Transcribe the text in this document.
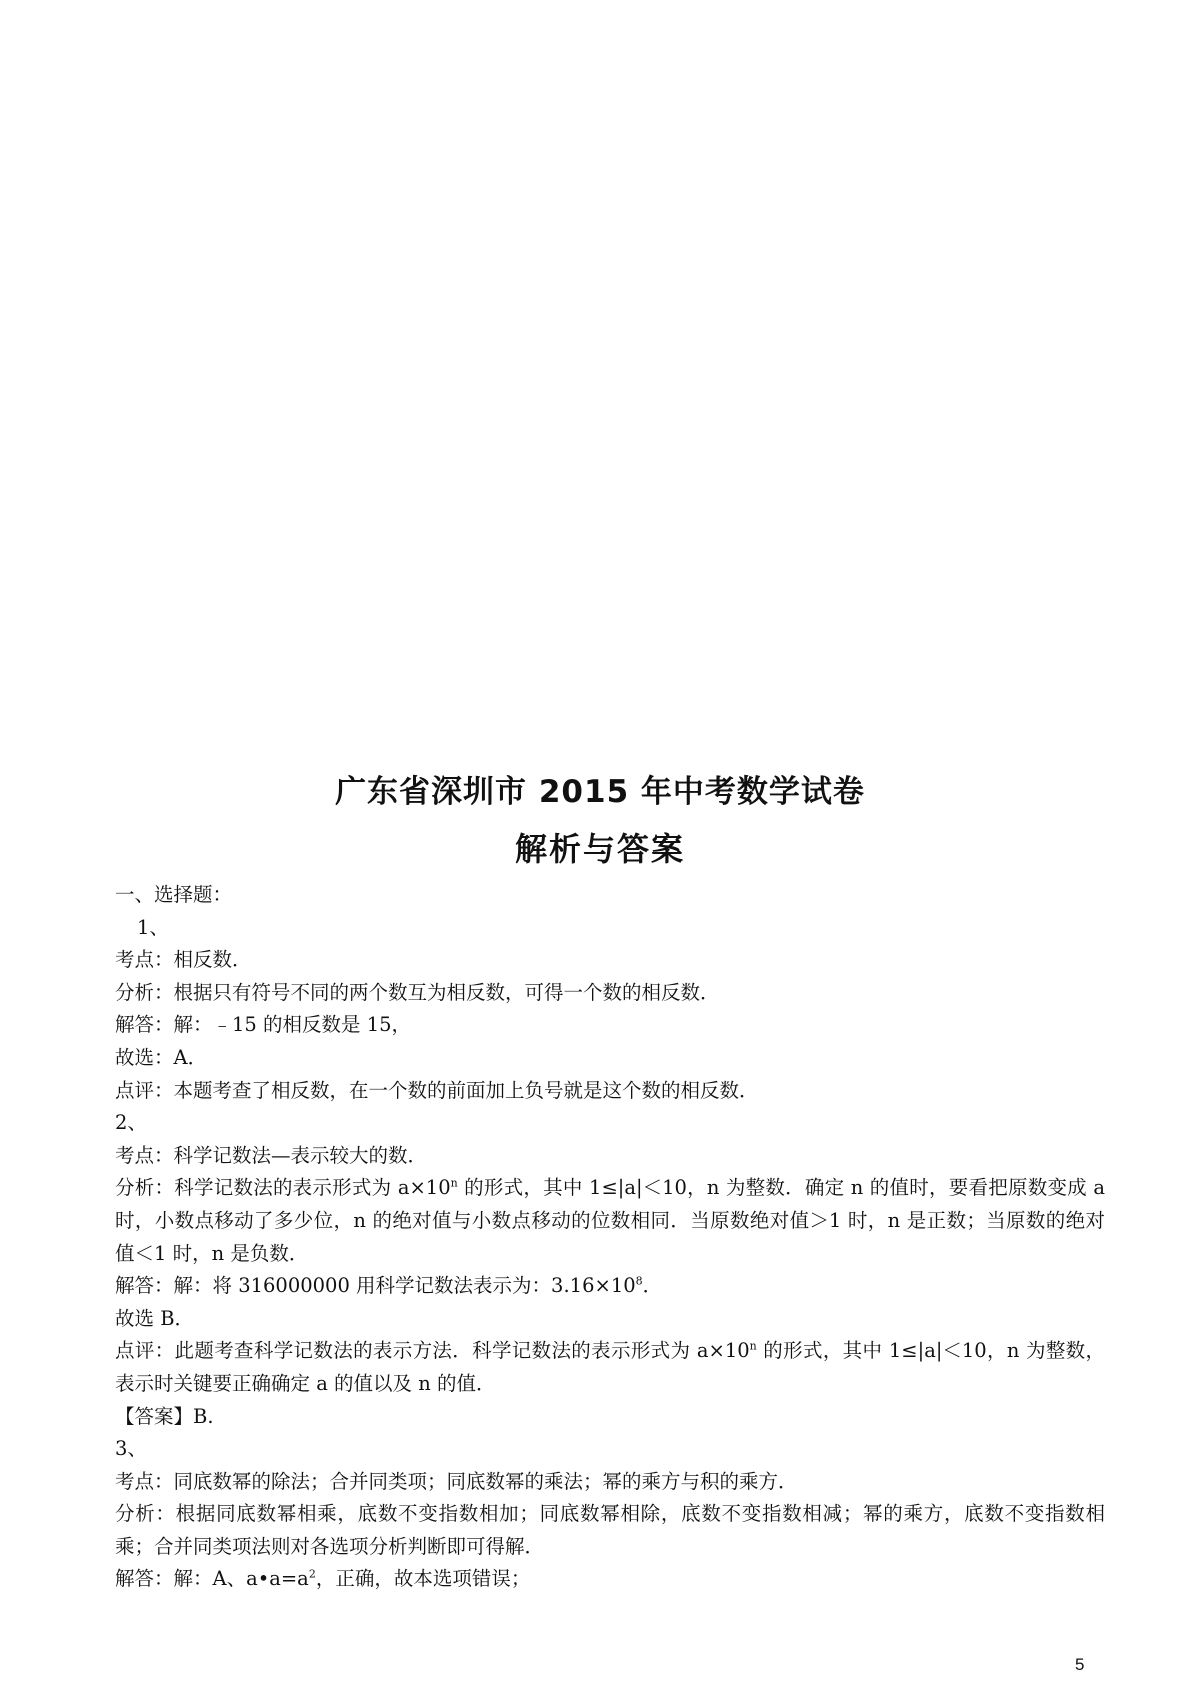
广东省深圳市 2015 年中考数学试卷
解析与答案
一、选择题：
1、
考点：相反数．
分析：根据只有符号不同的两个数互为相反数，可得一个数的相反数．
解答：解：﹣15 的相反数是 15，
故选：A．
点评：本题考查了相反数，在一个数的前面加上负号就是这个数的相反数．
2、
考点：科学记数法—表示较大的数．
分析：科学记数法的表示形式为 $a\times 10^n$ 的形式，其中 1≤|a|＜10，n 为整数．确定 n 的值时，要看把原数变成 a 时，小数点移动了多少位，n 的绝对值与小数点移动的位数相同．当原数绝对值＞1 时，n 是正数；当原数的绝对值＜1 时，n 是负数．
解答：解：将 316000000 用科学记数法表示为：$3.16\times 10^8$．
故选 B．
点评：此题考查科学记数法的表示方法．科学记数法的表示形式为 $a\times 10^n$ 的形式，其中 1≤|a|＜10，n 为整数，表示时关键要正确确定 a 的值以及 n 的值．
【答案】B.
3、
考点：同底数幂的除法；合并同类项；同底数幂的乘法；幂的乘方与积的乘方．
分析：根据同底数幂相乘，底数不变指数相加；同底数幂相除，底数不变指数相减；幂的乘方，底数不变指数相乘；合并同类项法则对各选项分析判断即可得解．
解答：解：A、$a•a=a^2$，正确，故本选项错误；
5
